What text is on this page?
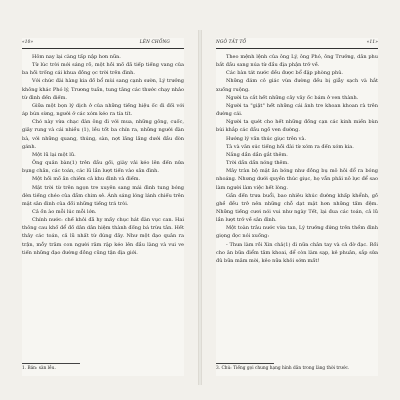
«10»	LÊN CHỐNG

Hôm nay lại càng tấp nập hơn nữa.

Từ lúc trời mới sáng rõ, một hồi mõ đã tiếp tiếng vang của ba hồi trống cái khua đồng ọc trời trên đình.

Với chức đài hàng kia đồ bổ mùi sang cạnh sườn, Lý trưởng không khác Phó lý, Trương tuần, tung tăng các thước chạy nhảo từ đình đến điếm.

Giữa một bọn lý dịch ở của những tiếng hiệu ốc đi đối với áp bún sừng, người ở các xóm kéo ra tía tít.

Chó này vừa chạc đàn ông đi với mua, những gông, cuốc, giây rung và cái nhiều (1), lều tốt ba chín ra, những người đàn bà, với những quang, thúng, sàn, nợt lăng lăng dưới đầu đòn gánh.

Một lũ lại một lũ.

Ông quản bàn(1) trên đầu gối, giày vải kéo lên đến nửa bụng chân, các toán, các lũ lần lượt tiến vào sân đình.

Một hồi mõ ăn chiêm cả khu đình và điếm.

Mặt trời từ trên ngọn tre xuyên sang mái đình tung bóng đèn tiếng chéo của đầm chim sẻ. Ánh sáng lóng lánh chiếu trên mặt sân đinh của đồi những tiếng trá tròi.

Cả ồn ào mỗi lúc mỗi lớn.

Chính nước: chế khỏi đã hy mấy chục hát đàn vục can. Hai thông cau khố để đồ dân dân hiệm thành đống bá trừu tân. Hết thảy các toán, cả lũ nhất từ đúng đây. Như một đạo quân ra trận, mỗy trâm con người râm rặp kéo lên đầu làng và vui ve tiến những đạo đường đồng cũng tận địa giới.

1. Bán: sàn lều.
NGÔ TẤT TỐ	«11»

Theo mệnh lệnh của ông Lý, ông Phó, ông Trưởng, dân phu bắt đầu sang núa từ đầu địa phận trở về.

Các bàn tát nước đều được bổ đặp phòng phủ.

Những đám cỏ giác vừa đường đều bị giẫy sạch và hắt xuống ruộng.

Người ta cắt hết những cây vây ốc bám ở ven thành.

Người ta "giật" hết những cái ảnh tre khoan khoan rà trên đường cái.

Người ta quét cho hết những đống cạn các kinh miền bùn bùi khắp các đầu ngõ ven đường.

Hướng lý văn thúc giục trên và.

Tà và văn súc tiếng hồi đài từ xóm ra đến xóm kia.

Nắng dần dần gắt thêm.

Trời dần dần nóng thêm.

Mây tràn bộ mặt ăn bóng như đồng bụ mô hôi đổ ra bóng nhoáng. Nhưng dưới quyền thúc giục, họ vẫn phải nô lực để sao làm người làm việc hết lòng.

Gần đến trưa buổi, bao nhiêu khúc đường khấp khểnh, gồ ghề đều trở nên những chỗ dạt mặt hơn những tấm đệm. Những tiếng cươi nói vui như ngày Tết, lại đua các toán, cả lũ lần lượt trở về sân đình.

Một toàn trâu nước vừa tan, Lý trưởng đứng trên thềm đình giọng đọc nói xuống:

- Thưa làm rồi Xin chả(1) đi nữa chân tay và cả đờ đạc. Rồi cho ăn bữa điểm tâm khoai, để còn làm sạp, kẻ phuân, sắp sửa đủ bữa mâm mời, kẻo nữa khỏi sớm mất!

3. Chú: Tiếng gọi chung hạng hình dân trong làng thời trước.
